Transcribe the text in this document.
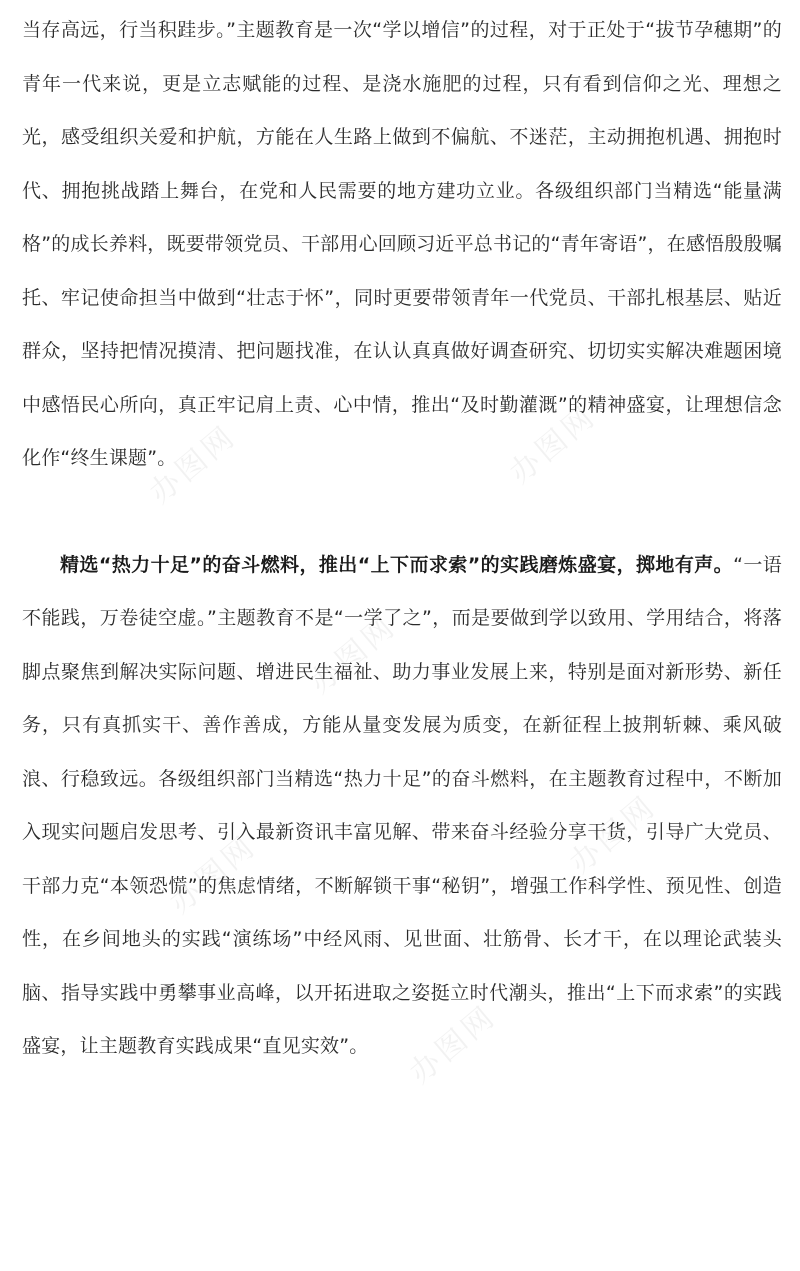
办图网	办图网
办图网
办图网
办图网
办图网

当存高远，行当积跬步。”主题教育是一次“学以增信”的过程，对于正处于“拔节孕穗期”的青年一代来说，更是立志赋能的过程、是浇水施肥的过程，只有看到信仰之光、理想之光，感受组织关爱和护航，方能在人生路上做到不偏航、不迷茫，主动拥抱机遇、拥抱时代、拥抱挑战踏上舞台，在党和人民需要的地方建功立业。各级组织部门当精选“能量满格”的成长养料，既要带领党员、干部用心回顾习近平总书记的“青年寄语”，在感悟殷殷嘱托、牢记使命担当中做到“壮志于怀”，同时更要带领青年一代党员、干部扎根基层、贴近群众，坚持把情况摸清、把问题找准，在认认真真做好调查研究、切切实实解决难题困境中感悟民心所向，真正牢记肩上责、心中情，推出“及时勤灌溉”的精神盛宴，让理想信念化作“终生课题”。

精选“热力十足”的奋斗燃料，推出“上下而求索”的实践磨炼盛宴，掷地有声。“一语不能践，万卷徒空虚。”主题教育不是“一学了之”，而是要做到学以致用、学用结合，将落脚点聚焦到解决实际问题、增进民生福祉、助力事业发展上来，特别是面对新形势、新任务，只有真抓实干、善作善成，方能从量变发展为质变，在新征程上披荆斩棘、乘风破浪、行稳致远。各级组织部门当精选“热力十足”的奋斗燃料，在主题教育过程中，不断加入现实问题启发思考、引入最新资讯丰富见解、带来奋斗经验分享干货，引导广大党员、干部力克“本领恐慌”的焦虑情绪，不断解锁干事“秘钥”，增强工作科学性、预见性、创造性，在乡间地头的实践“演练场”中经风雨、见世面、壮筋骨、长才干，在以理论武装头脑、指导实践中勇攀事业高峰，以开拓进取之姿挺立时代潮头，推出“上下而求索”的实践盛宴，让主题教育实践成果“直见实效”。
